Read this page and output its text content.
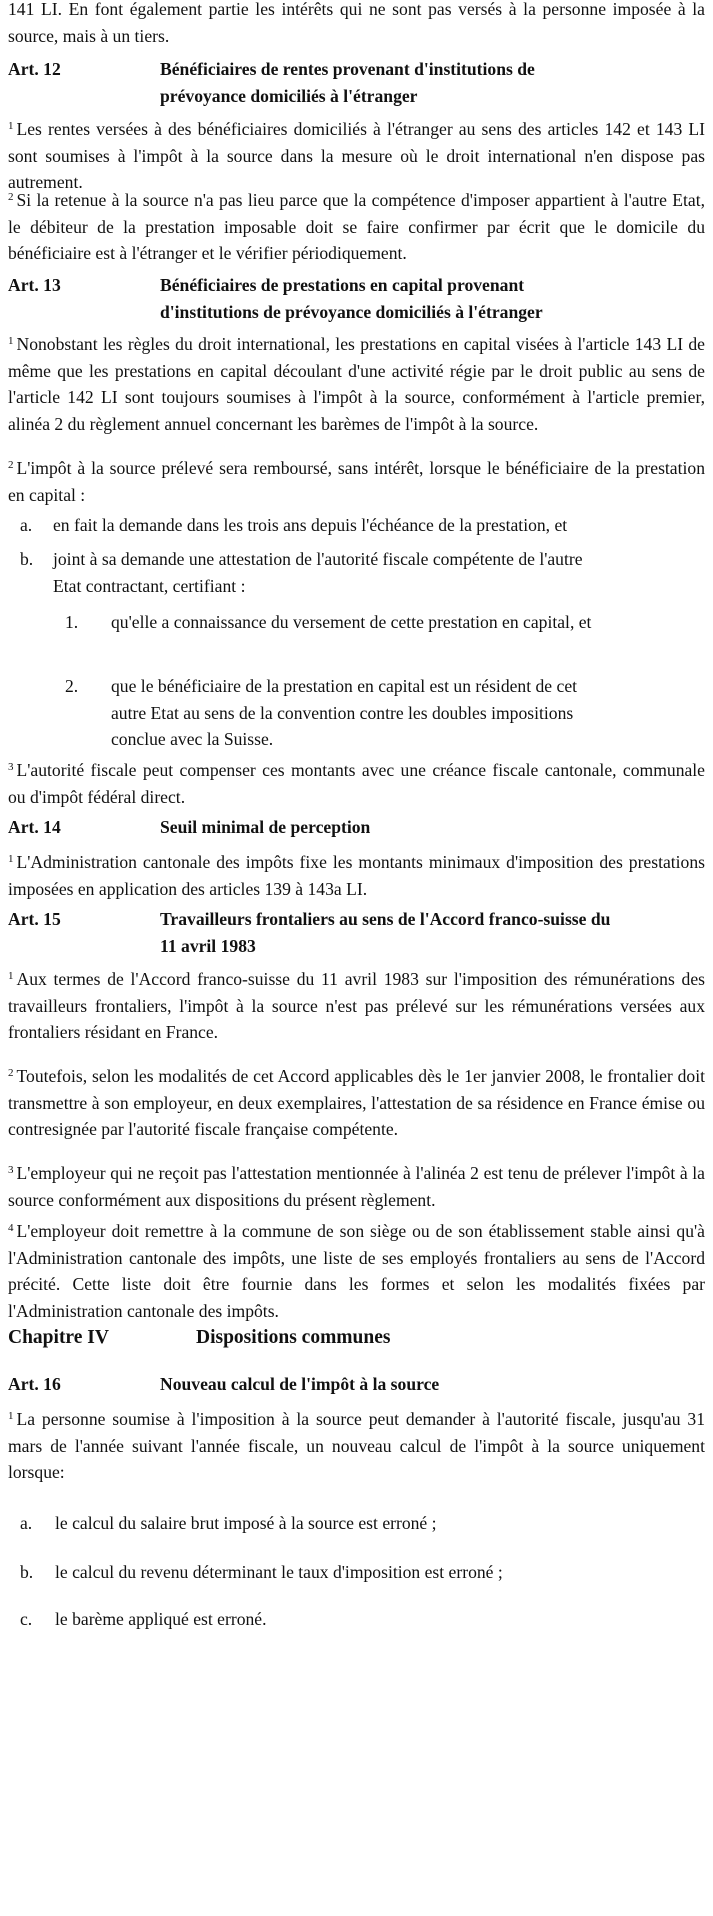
141 LI. En font également partie les intérêts qui ne sont pas versés à la personne imposée à la source, mais à un tiers.

Art. 12	Bénéficiaires de rentes provenant d'institutions de
prévoyance domiciliés à l'étranger

$^1$ Les rentes versées à des bénéficiaires domiciliés à l'étranger au sens des articles 142 et 143 LI sont soumises à l'impôt à la source dans la mesure où le droit international n'en dispose pas autrement.

$^2$ Si la retenue à la source n'a pas lieu parce que la compétence d'imposer appartient à l'autre Etat, le débiteur de la prestation imposable doit se faire confirmer par écrit que le domicile du bénéficiaire est à l'étranger et le vérifier périodiquement.

Art. 13	Bénéficiaires de prestations en capital provenant
d'institutions de prévoyance domiciliés à l'étranger

$^1$ Nonobstant les règles du droit international, les prestations en capital visées à l'article 143 LI de même que les prestations en capital découlant d'une activité régie par le droit public au sens de l'article 142 LI sont toujours soumises à l'impôt à la source, conformément à l'article premier, alinéa 2 du règlement annuel concernant les barèmes de l'impôt à la source.

$^2$ L'impôt à la source prélevé sera remboursé, sans intérêt, lorsque le bénéficiaire de la prestation en capital :

a.	en fait la demande dans les trois ans depuis l'échéance de la prestation, et
b.	joint à sa demande une attestation de l'autorité fiscale compétente de l'autre Etat contractant, certifiant :
1.	qu'elle a connaissance du versement de cette prestation en capital, et
2.	que le bénéficiaire de la prestation en capital est un résident de cet autre Etat au sens de la convention contre les doubles impositions conclue avec la Suisse.

$^3$ L'autorité fiscale peut compenser ces montants avec une créance fiscale cantonale, communale ou d'impôt fédéral direct.

Art. 14	Seuil minimal de perception

$^1$ L'Administration cantonale des impôts fixe les montants minimaux d'imposition des prestations imposées en application des articles 139 à 143a LI.

Art. 15	Travailleurs frontaliers au sens de l'Accord franco-suisse du
11 avril 1983

$^1$ Aux termes de l'Accord franco-suisse du 11 avril 1983 sur l'imposition des rémunérations des travailleurs frontaliers, l'impôt à la source n'est pas prélevé sur les rémunérations versées aux frontaliers résidant en France.

$^2$ Toutefois, selon les modalités de cet Accord applicables dès le 1er janvier 2008, le frontalier doit transmettre à son employeur, en deux exemplaires, l'attestation de sa résidence en France émise ou contresignée par l'autorité fiscale française compétente.

$^3$ L'employeur qui ne reçoit pas l'attestation mentionnée à l'alinéa 2 est tenu de prélever l'impôt à la source conformément aux dispositions du présent règlement.

$^4$ L'employeur doit remettre à la commune de son siège ou de son établissement stable ainsi qu'à l'Administration cantonale des impôts, une liste de ses employés frontaliers au sens de l'Accord précité. Cette liste doit être fournie dans les formes et selon les modalités fixées par l'Administration cantonale des impôts.

Chapitre IV	Dispositions communes
Art. 16	Nouveau calcul de l'impôt à la source

$^1$ La personne soumise à l'imposition à la source peut demander à l'autorité fiscale, jusqu'au 31 mars de l'année suivant l'année fiscale, un nouveau calcul de l'impôt à la source uniquement lorsque:

a.	le calcul du salaire brut imposé à la source est erroné ;
b.	le calcul du revenu déterminant le taux d'imposition est erroné ;
c.	le barème appliqué est erroné.
